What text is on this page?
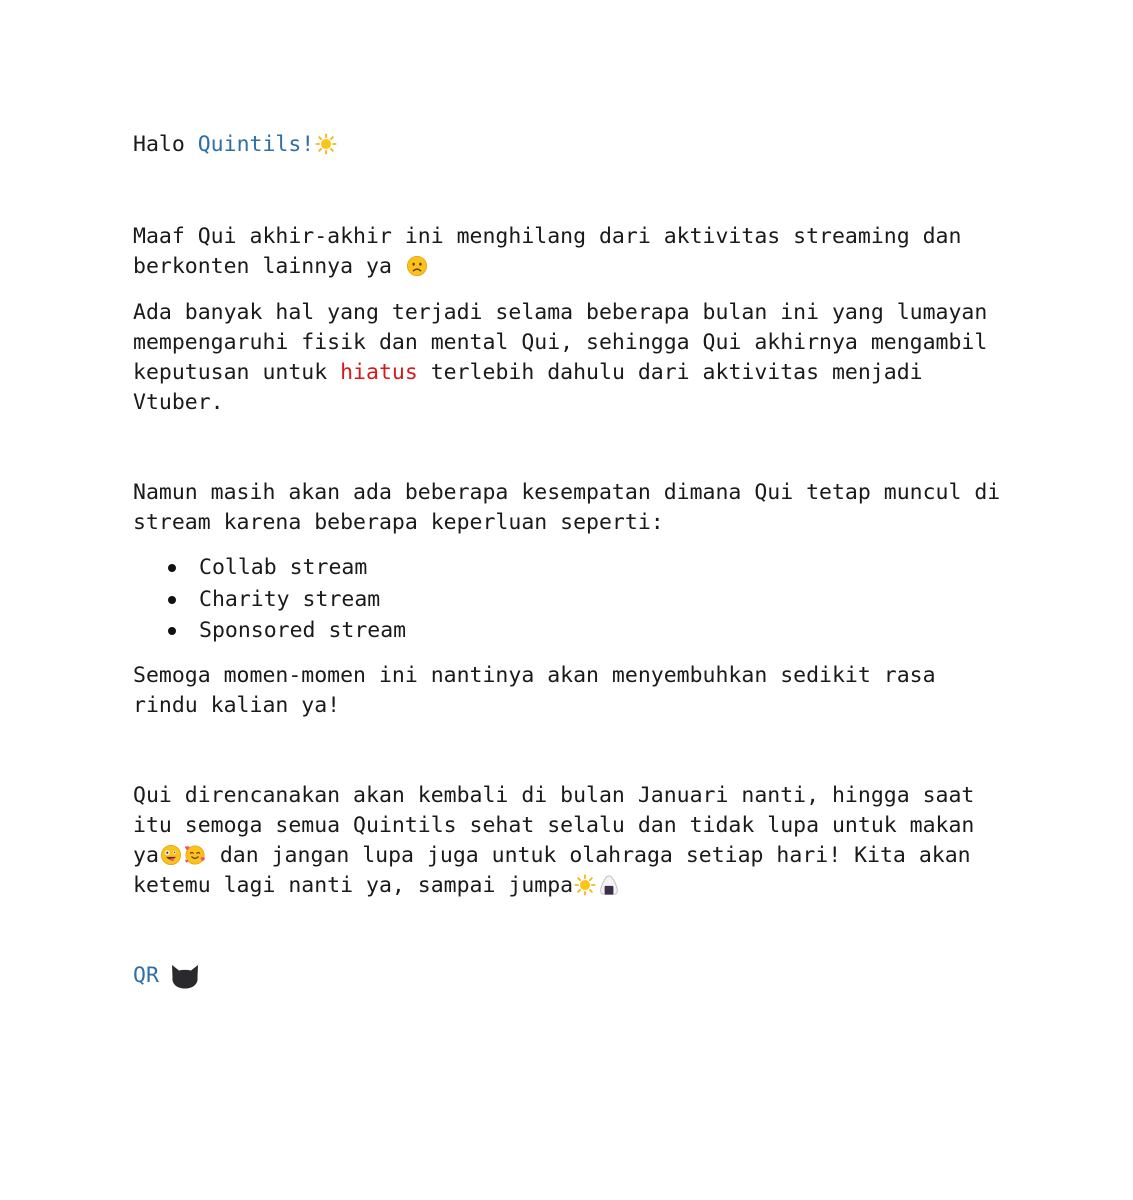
Halo Quintils!

Maaf Qui akhir-akhir ini menghilang dari aktivitas streaming dan berkonten lainnya ya

Ada banyak hal yang terjadi selama beberapa bulan ini yang lumayan mempengaruhi fisik dan mental Qui, sehingga Qui akhirnya mengambil keputusan untuk hiatus terlebih dahulu dari aktivitas menjadi Vtuber.

Namun masih akan ada beberapa kesempatan dimana Qui tetap muncul di stream karena beberapa keperluan seperti:

Collab stream
Charity stream
Sponsored stream

Semoga momen-momen ini nantinya akan menyembuhkan sedikit rasa rindu kalian ya!

Qui direncanakan akan kembali di bulan Januari nanti, hingga saat itu semoga semua Quintils sehat selalu dan tidak lupa untuk makan ya dan jangan lupa juga untuk olahraga setiap hari! Kita akan ketemu lagi nanti ya, sampai jumpa

QR
